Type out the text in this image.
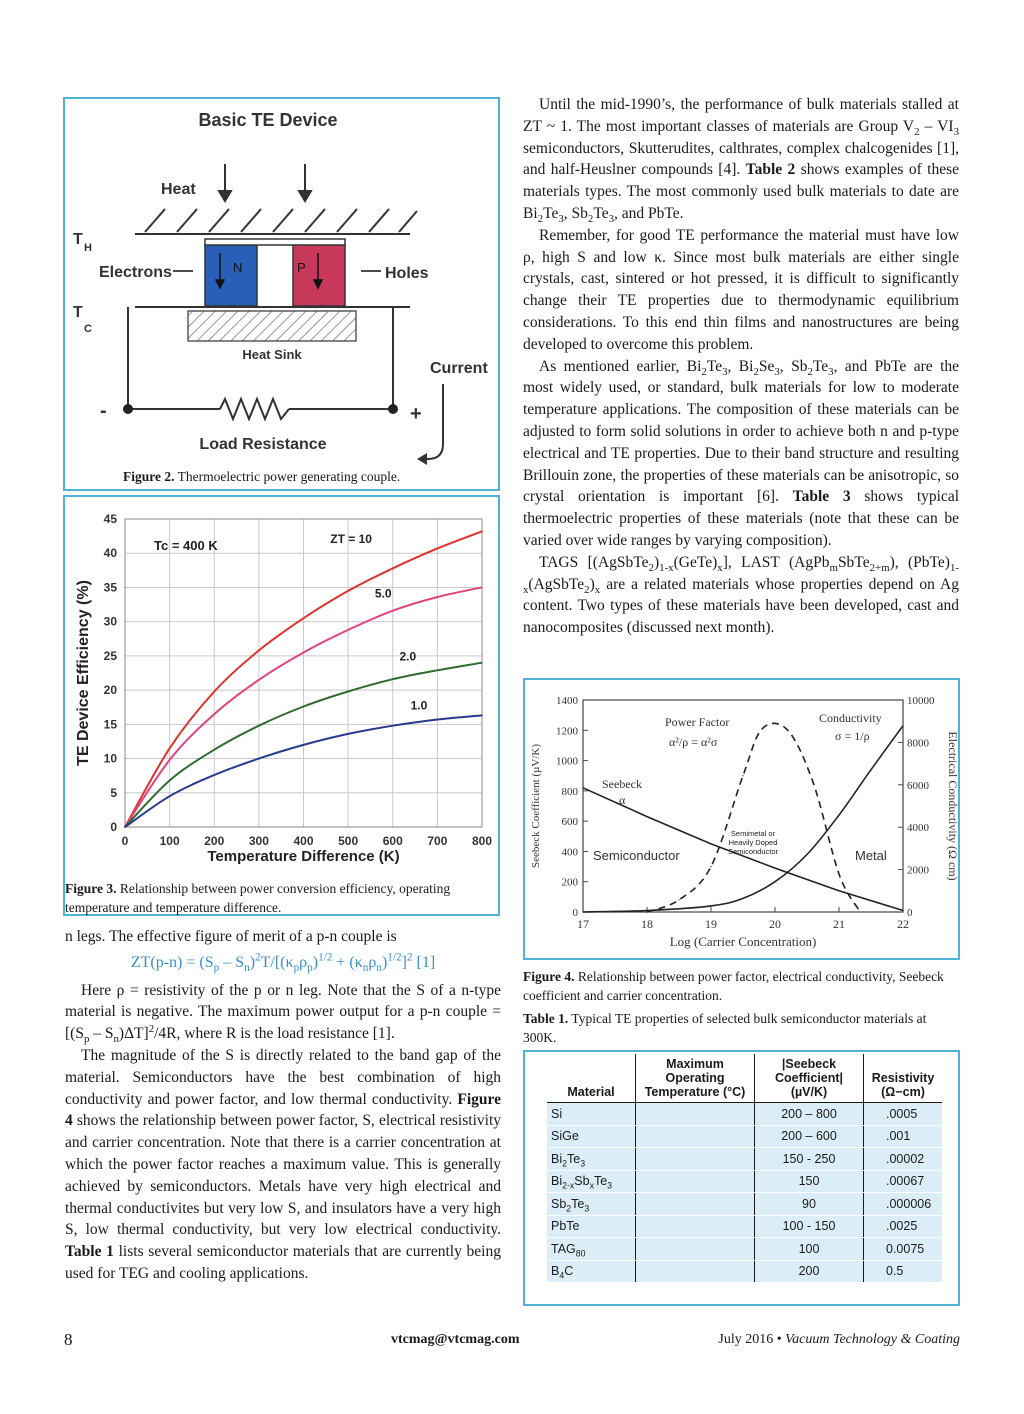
Basic TE Device
Heat
T H
Electrons	Holes
T
C
Heat Sink
Current
-	+
Load Resistance
N	P
Figure 2. Thermoelectric power generating couple.
0	100 200 300 400 500 600 700 800
0
5
10
15
20
25
30
35
40
45
Temperature Difference (K)
TE Device Efficiency (%)
Tc = 400 K	ZT = 10
5.0
2.0
1.0
Figure 3. Relationship between power conversion efficiency, operating temperature and temperature difference.

n legs. The effective figure of merit of a p-n couple is

$ZT(p-n) = (S_p - S_n)^2T/[(\kappa_p\rho_p)^{1/2} + (\kappa_n\rho_n)^{1/2}]^2$ [1]

Here ρ = resistivity of the p or n leg. Note that the S of a n-type material is negative. The maximum power output for a p-n couple = $[(S_p - S_n)\Delta T]^2/4R$, where R is the load resistance [1].

The magnitude of the S is directly related to the band gap of the material. Semiconductors have the best combination of high conductivity and power factor, and low thermal conductivity. Figure 4 shows the relationship between power factor, S, electrical resistivity and carrier concentration. Note that there is a carrier concentration at which the power factor reaches a maximum value. This is generally achieved by semiconductors. Metals have very high electrical and thermal conductivites but very low S, and insulators have a very high S, low thermal conductivity, but very low electrical conductivity. Table 1 lists several semiconductor materials that are currently being used for TEG and cooling applications.

Until the mid-1990’s, the performance of bulk materials stalled at ZT ~ 1. The most important classes of materials are Group $V_2 - VI_3$ semiconductors, Skutterudites, calthrates, complex chalcogenides [1], and half-Heuslner compounds [4]. Table 2 shows examples of these materials types. The most commonly used bulk materials to date are $Bi_2Te_3$, $Sb_2Te_3$, and PbTe.

Remember, for good TE performance the material must have low ρ, high S and low κ. Since most bulk materials are either single crystals, cast, sintered or hot pressed, it is difficult to significantly change their TE properties due to thermodynamic equilibrium considerations. To this end thin films and nanostructures are being developed to overcome this problem.

As mentioned earlier, $Bi_2Te_3$, $Bi_2Se_3$, $Sb_2Te_3$, and PbTe are the most widely used, or standard, bulk materials for low to moderate temperature applications. The composition of these materials can be adjusted to form solid solutions in order to achieve both n and p-type electrical and TE properties. Due to their band structure and resulting Brillouin zone, the properties of these materials can be anisotropic, so crystal orientation is important [6]. Table 3 shows typical thermoelectric properties of these materials (note that these can be varied over wide ranges by varying composition).

TAGS $[(AgSbTe_2)_{1-x}(GeTe)_x]$, LAST (AgPb$_m$SbTe$_{2+m}$), $(PbTe)_{1-x}(AgSbTe_2)_x$ are a related materials whose properties depend on Ag content. Two types of these materials have been developed, cast and nanocomposites (discussed next month).

17	18	19	20	21	22
0
200
400
600
800
1000
1200
1400
0
2000
4000
6000
8000
10000
Log (Carrier Concentration)
Seebeck Coefficient (µV/K)	Electrical Conductivity (Ω cm)
Power Factor
α²/ρ = α²σ
Conductivity
σ = 1/ρ
Seebeck
α
Semiconductor	Metal
Semimetal or Heavily Doped Semiconductor
Figure 4. Relationship between power factor, electrical conductivity, Seebeck coefficient and carrier concentration.
Table 1. Typical TE properties of selected bulk semiconductor materials at 300K.
Material	Maximum Operating Temperature (°C)	|Seebeck Coefficient| (µV/K)	Resistivity (Ω−cm)
Si		200 – 800	.0005
SiGe		200 – 600	.001
$Bi_2Te_3$		150 - 250	.00002
$Bi_{2-x}Sb_xTe_3$		150	.00067
$Sb_2Te_3$		90	.000006
PbTe		100 - 150	.0025
$TAG_{80}$		100	0.0075
$B_4C$		200	0.5
8	vtcmag@vtcmag.com	July 2016 • Vacuum Technology & Coating
